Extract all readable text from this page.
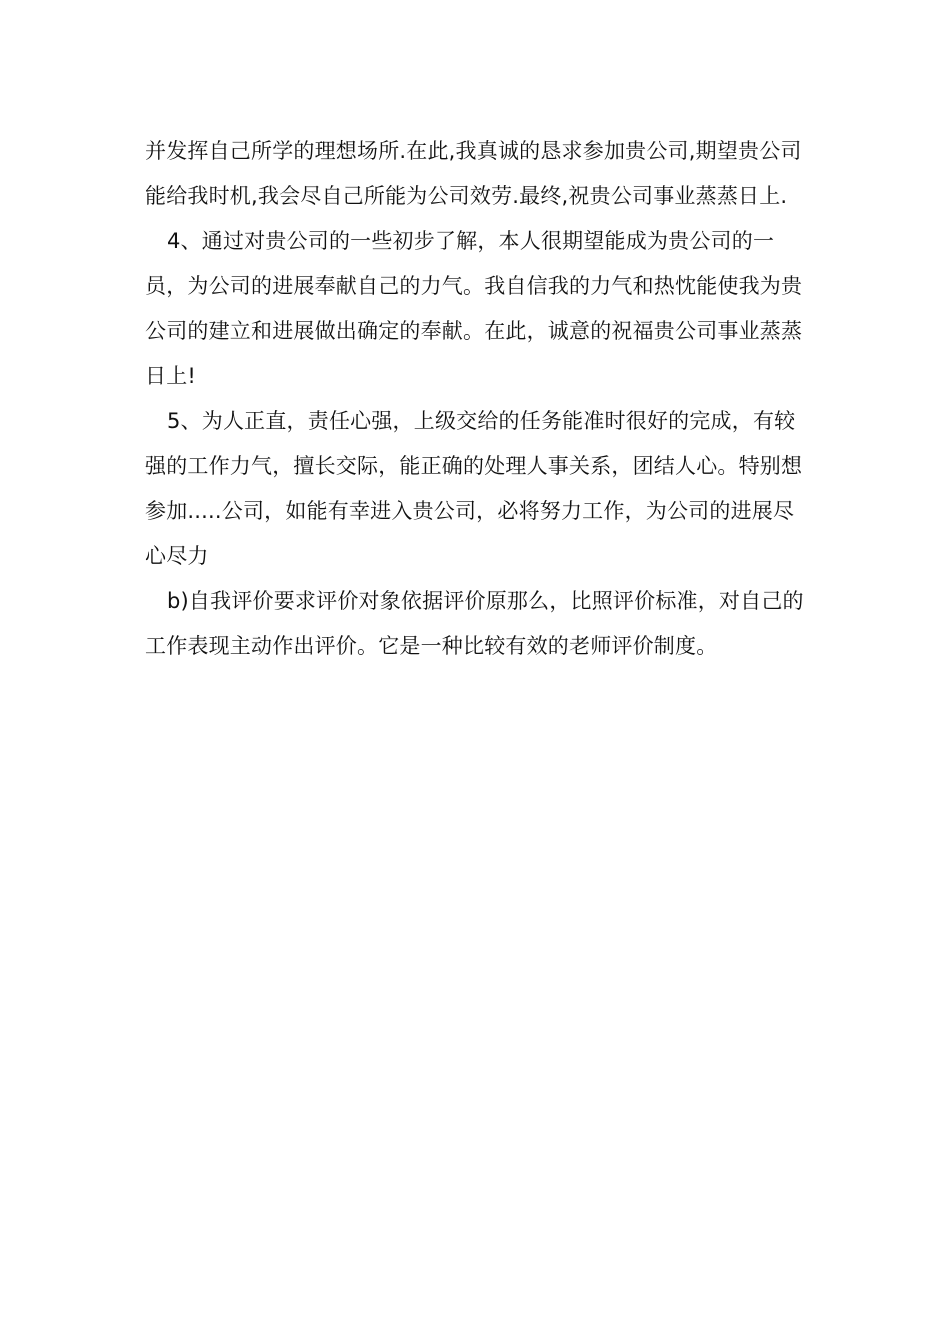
并发挥自己所学的理想场所.在此,我真诚的恳求参加贵公司,期望贵公司能给我时机,我会尽自己所能为公司效劳.最终,祝贵公司事业蒸蒸日上.

4、通过对贵公司的一些初步了解，本人很期望能成为贵公司的一员，为公司的进展奉献自己的力气。我自信我的力气和热忱能使我为贵公司的建立和进展做出确定的奉献。在此，诚意的祝福贵公司事业蒸蒸日上!

5、为人正直，责任心强，上级交给的任务能准时很好的完成，有较强的工作力气，擅长交际，能正确的处理人事关系，团结人心。特别想参加.....公司，如能有幸进入贵公司，必将努力工作，为公司的进展尽心尽力

b)自我评价要求评价对象依据评价原那么，比照评价标准，对自己的工作表现主动作出评价。它是一种比较有效的老师评价制度。
